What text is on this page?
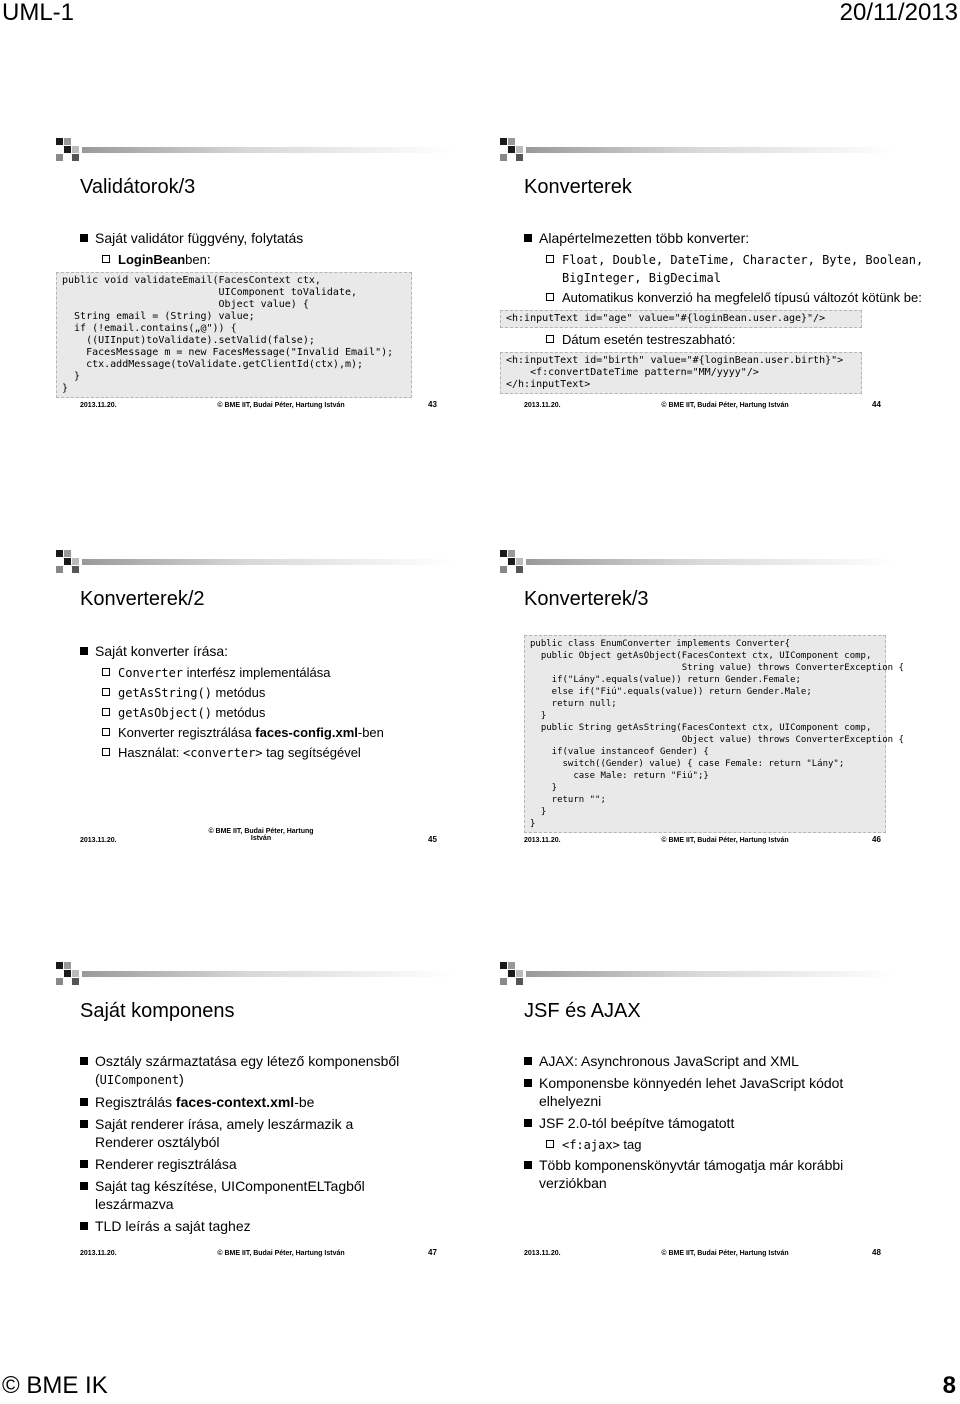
UML-1	20/11/2013
Validátorok/3
Saját validátor függvény, folytatás
LoginBeanben:
public void validateEmail(FacesContext ctx,
UIComponent toValidate,
Object value) {
String email = (String) value;
if (!email.contains(„@")) {
((UIInput)toValidate).setValid(false);
FacesMessage m = new FacesMessage("Invalid Email");
ctx.addMessage(toValidate.getClientId(ctx),m);
}
}
2013.11.20.	© BME IIT, Budai Péter, Hartung István	43
Konverterek
Alapértelmezetten több konverter:
Float, Double, DateTime, Character, Byte, Boolean, BigInteger, BigDecimal
Automatikus konverzió ha megfelelő típusú változót kötünk be:
<h:inputText id="age" value="#{loginBean.user.age}"/>
Dátum esetén testreszabható:
<h:inputText id="birth" value="#{loginBean.user.birth}">
<f:convertDateTime pattern="MM/yyyy"/>
</h:inputText>
2013.11.20.	© BME IIT, Budai Péter, Hartung István	44
Konverterek/2
Saját konverter írása:
Converter interfész implementálása
getAsString() metódus
getAsObject() metódus
Konverter regisztrálása faces-config.xml-ben
Használat: <converter> tag segítségével
2013.11.20.
© BME IIT, Budai Péter, Hartung István	45
Konverterek/3
public class EnumConverter implements Converter{
public Object getAsObject(FacesContext ctx, UIComponent comp,
String value) throws ConverterException {
if("Lány".equals(value)) return Gender.Female;
else if("Fiú".equals(value)) return Gender.Male;
return null;
}
public String getAsString(FacesContext ctx, UIComponent comp,
Object value) throws ConverterException {
if(value instanceof Gender) {
switch((Gender) value) { case Female: return "Lány";
case Male: return "Fiú";}
}
return "";
}
}
2013.11.20.	© BME IIT, Budai Péter, Hartung István	46
Saját komponens
Osztály származtatása egy létező komponensből (UIComponent)
Regisztrálás faces-context.xml-be
Saját renderer írása, amely leszármazik a Renderer osztályból
Renderer regisztrálása
Saját tag készítése, UIComponentELTagből leszármazva
TLD leírás a saját taghez
2013.11.20.	© BME IIT, Budai Péter, Hartung István	47
JSF és AJAX
AJAX: Asynchronous JavaScript and XML
Komponensbe könnyedén lehet JavaScript kódot elhelyezni
JSF 2.0-tól beépítve támogatott
<f:ajax> tag
Több komponenskönyvtár támogatja már korábbi verziókban
2013.11.20.	© BME IIT, Budai Péter, Hartung István	48
© BME IK	8
